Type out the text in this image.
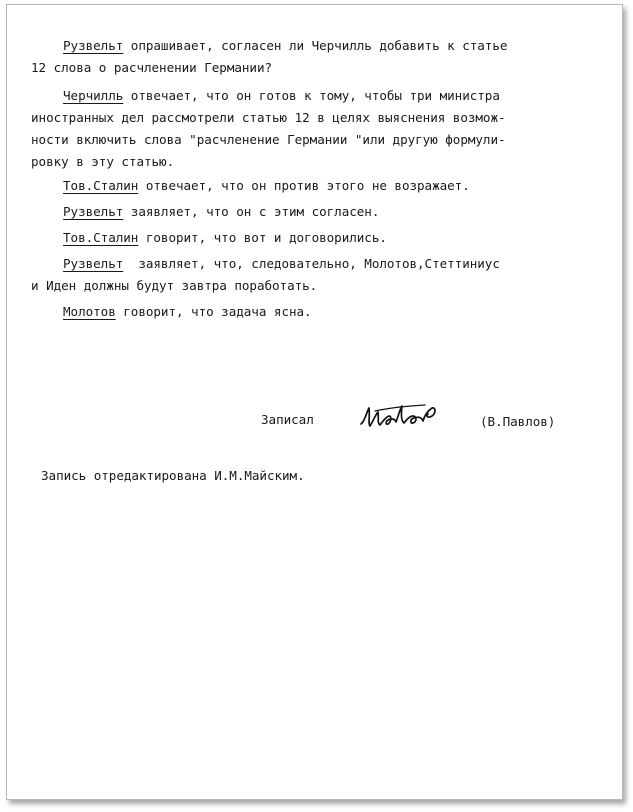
Рузвельт опрашивает, согласен ли Черчилль добавить к статье

12 слова о расчленении Германии?

Черчилль отвечает, что он готов к тому, чтобы три министра

иностранных дел рассмотрели статью 12 в целях выяснения возмож-

ности включить слова "расчленение Германии "или другую формули-

ровку в эту статью.

Тов.Сталин отвечает, что он против этого не возражает.

Рузвельт заявляет, что он с этим согласен.

Тов.Сталин говорит, что вот и договорились.

Рузвельт  заявляет, что, следовательно, Молотов,Стеттиниус

и Иден должны будут завтра поработать.

Молотов говорит, что задача ясна.

Записал	(В.Павлов)

Запись отредактирована И.М.Майским.
